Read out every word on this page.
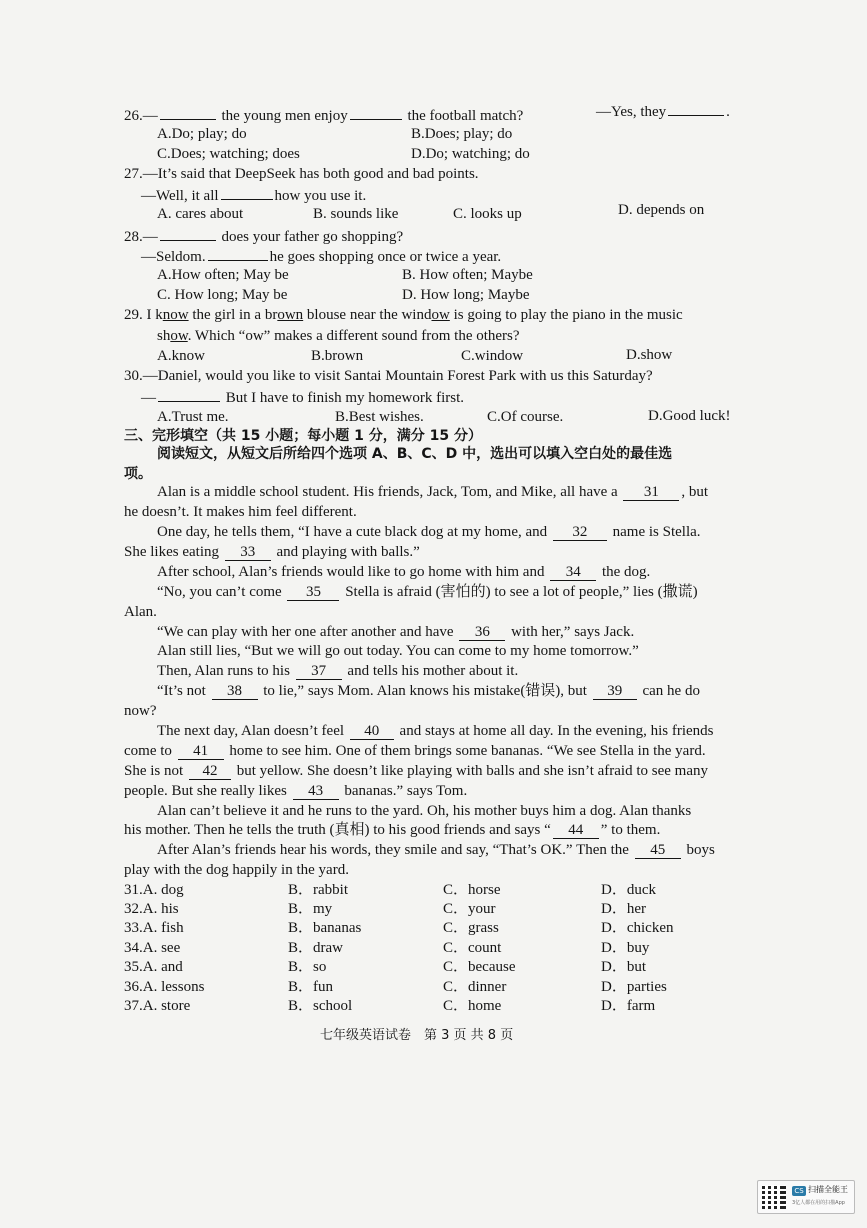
26.—	the young men enjoy	the football match?	—Yes, they	.
A.Do; play; do	B.Does; play; do
C.Does; watching; does	D.Do; watching; do
27.—It’s said that DeepSeek has both good and bad points.
—Well, it all	how you use it.
A. cares about	B. sounds like	C. looks up	D. depends on
28.—	does your father go shopping?
—Seldom.	he goes shopping once or twice a year.
A.How often; May be	B. How often; Maybe
C. How long; May be	D. How long; Maybe
29. I know the girl in a brown blouse near the window is going to play the piano in the music
show. Which “ow” makes a different sound from the others?
A.know	B.brown	C.window	D.show
30.—Daniel, would you like to visit Santai Mountain Forest Park with us this Saturday?
—	But I have to finish my homework first.
A.Trust me.	B.Best wishes.	C.Of course.	D.Good luck!
三、完形填空（共 15 小题；每小题 1 分，满分 15 分）
阅读短文，从短文后所给四个选项 A、B、C、D 中，选出可以填入空白处的最佳选
项。
Alan is a middle school student. His friends, Jack, Tom, and Mike, all have a 31 , but
he doesn’t. It makes him feel different.
One day, he tells them, “I have a cute black dog at my home, and 32 name is Stella.
She likes eating 33 and playing with balls.”
After school, Alan’s friends would like to go home with him and 34 the dog.
“No, you can’t come 35 Stella is afraid (害怕的) to see a lot of people,” lies (撒谎)
Alan.
“We can play with her one after another and have 36 with her,” says Jack.
Alan still lies, “But we will go out today. You can come to my home tomorrow.”
Then, Alan runs to his 37 and tells his mother about it.
“It’s not 38 to lie,” says Mom. Alan knows his mistake(错误), but 39 can he do
now?
The next day, Alan doesn’t feel 40 and stays at home all day. In the evening, his friends
come to 41 home to see him. One of them brings some bananas. “We see Stella in the yard.
She is not 42 but yellow. She doesn’t like playing with balls and she isn’t afraid to see many
people. But she really likes 43 bananas.” says Tom.
Alan can’t believe it and he runs to the yard. Oh, his mother buys him a dog. Alan thanks
his mother. Then he tells the truth (真相) to his good friends and says “ 44 ” to them.
After Alan’s friends hear his words, they smile and say, “That’s OK.” Then the 45 boys
play with the dog happily in the yard.
31.A. dog	B．rabbit	C．horse	D．duck
32.A. his	B．my	C．your	D．her
33.A. fish	B．bananas	C．grass	D．chicken
34.A. see	B．draw	C．count	D．buy
35.A. and	B．so	C．because	D．but
36.A. lessons	B．fun	C．dinner	D．parties
37.A. store	B．school	C．home	D．farm
七年级英语试卷　第 3 页 共 8 页
CS 扫描全能王
3亿人都在用的扫描App
